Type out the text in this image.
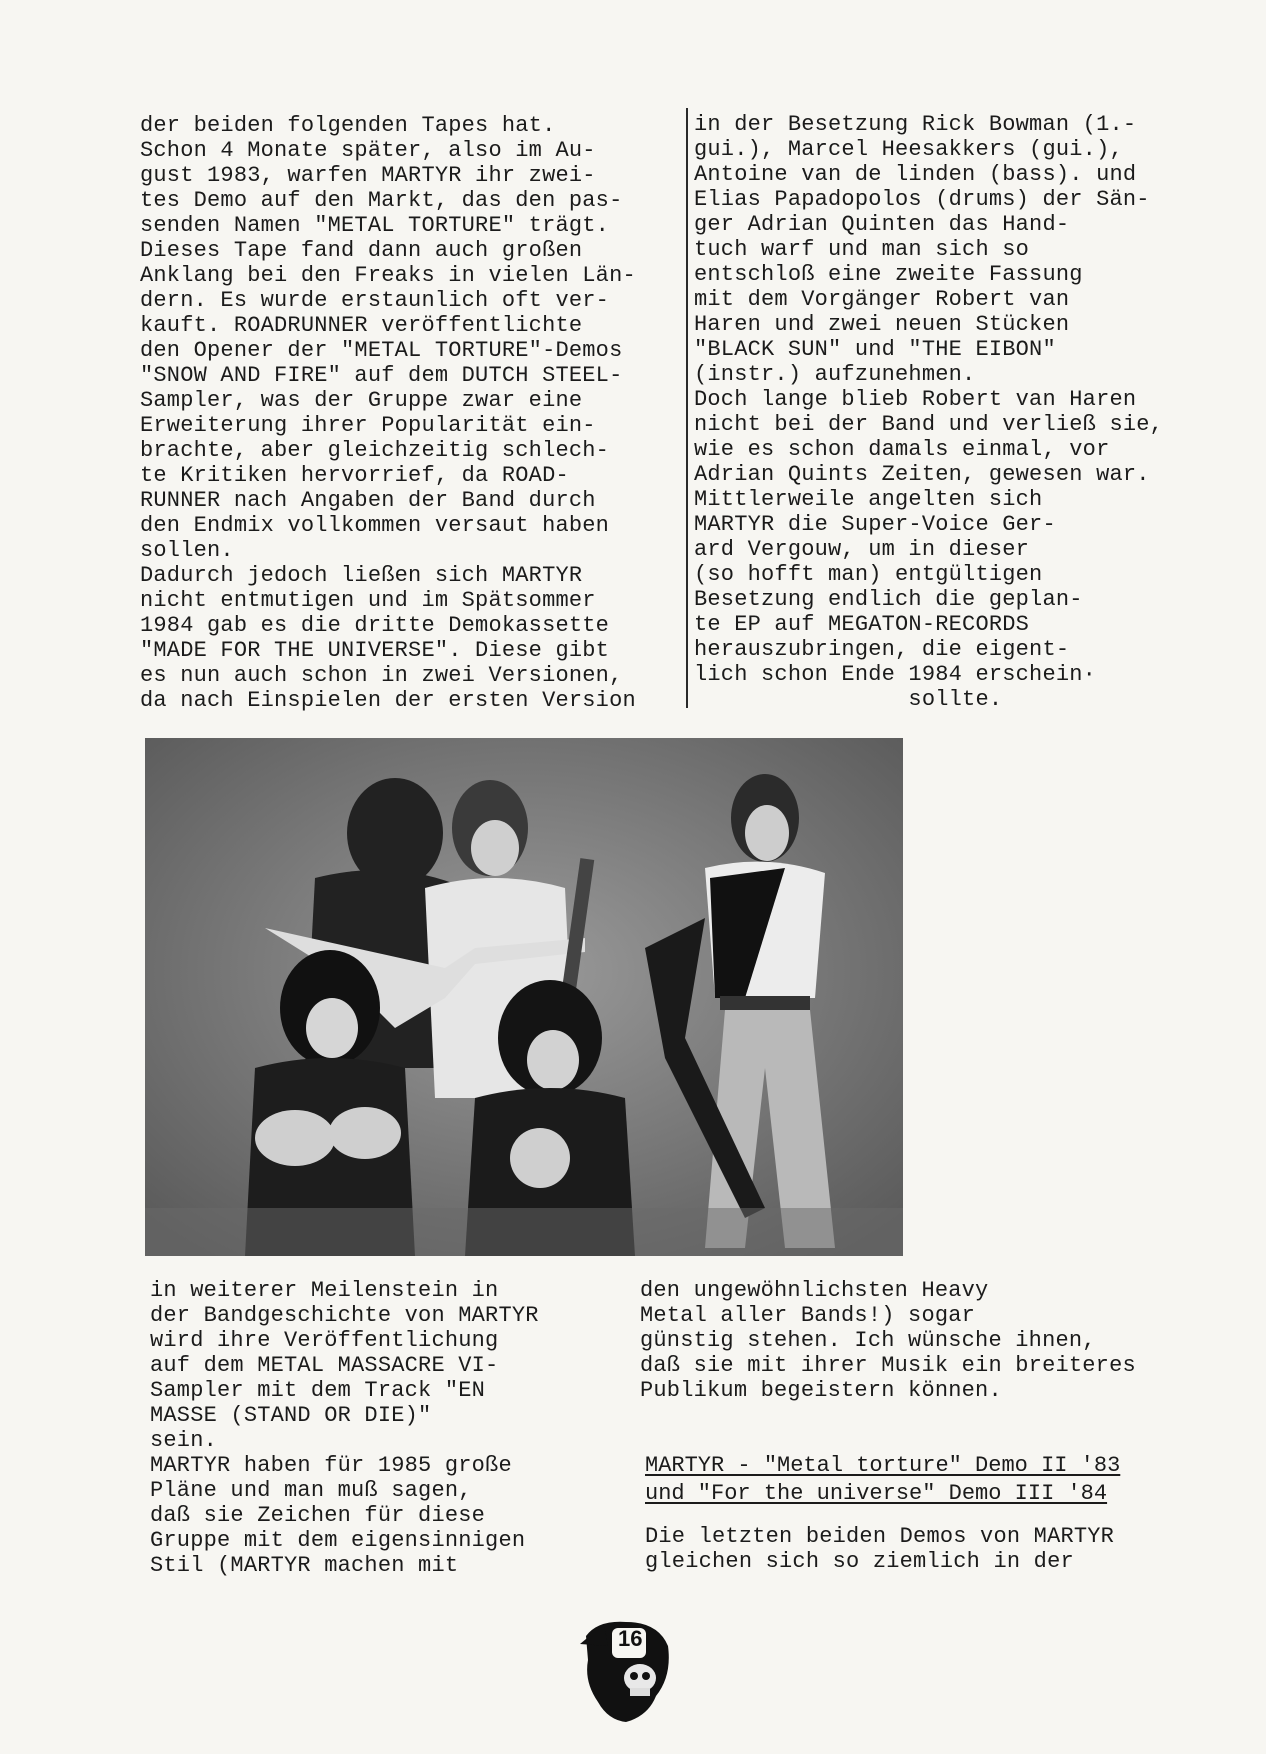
der beiden folgenden Tapes hat.
Schon 4 Monate später, also im Au-
gust 1983, warfen MARTYR ihr zwei-
tes Demo auf den Markt, das den pas-
senden Namen "METAL TORTURE" trägt.
Dieses Tape fand dann auch großen
Anklang bei den Freaks in vielen Län-
dern. Es wurde erstaunlich oft ver-
kauft. ROADRUNNER veröffentlichte
den Opener der "METAL TORTURE"-Demos
"SNOW AND FIRE" auf dem DUTCH STEEL-
Sampler, was der Gruppe zwar eine
Erweiterung ihrer Popularität ein-
brachte, aber gleichzeitig schlech-
te Kritiken hervorrief, da ROAD-
RUNNER nach Angaben der Band durch
den Endmix vollkommen versaut haben
sollen.
Dadurch jedoch ließen sich MARTYR
nicht entmutigen und im Spätsommer
1984 gab es die dritte Demokassette
"MADE FOR THE UNIVERSE". Diese gibt
es nun auch schon in zwei Versionen,
da nach Einspielen der ersten Version
in der Besetzung Rick Bowman (1.-
gui.), Marcel Heesakkers (gui.),
Antoine van de linden (bass). und
Elias Papadopolos (drums) der Sän-
ger Adrian Quinten das Hand-
tuch warf und man sich so
entschloß eine zweite Fassung
mit dem Vorgänger Robert van
Haren und zwei neuen Stücken
"BLACK SUN" und "THE EIBON"
(instr.) aufzunehmen.
Doch lange blieb Robert van Haren
nicht bei der Band und verließ sie,
wie es schon damals einmal, vor
Adrian Quints Zeiten, gewesen war.
Mittlerweile angelten sich
MARTYR die Super-Voice Ger-
ard Vergouw, um in dieser
(so hofft man) entgültigen
Besetzung endlich die geplan-
te EP auf MEGATON-RECORDS
herauszubringen, die eigent-
lich schon Ende 1984 erschein·
sollte.
in weiterer Meilenstein in
der Bandgeschichte von MARTYR
wird ihre Veröffentlichung
auf dem METAL MASSACRE VI-
Sampler mit dem Track "EN
MASSE (STAND OR DIE)"
sein.
MARTYR haben für 1985 große
Pläne und man muß sagen,
daß sie Zeichen für diese
Gruppe mit dem eigensinnigen
Stil (MARTYR machen mit
den ungewöhnlichsten Heavy
Metal aller Bands!) sogar
günstig stehen. Ich wünsche ihnen,
daß sie mit ihrer Musik ein breiteres
Publikum begeistern können.
MARTYR - "Metal torture" Demo II '83
und "For the universe" Demo III '84
Die letzten beiden Demos von MARTYR
gleichen sich so ziemlich in der
16
